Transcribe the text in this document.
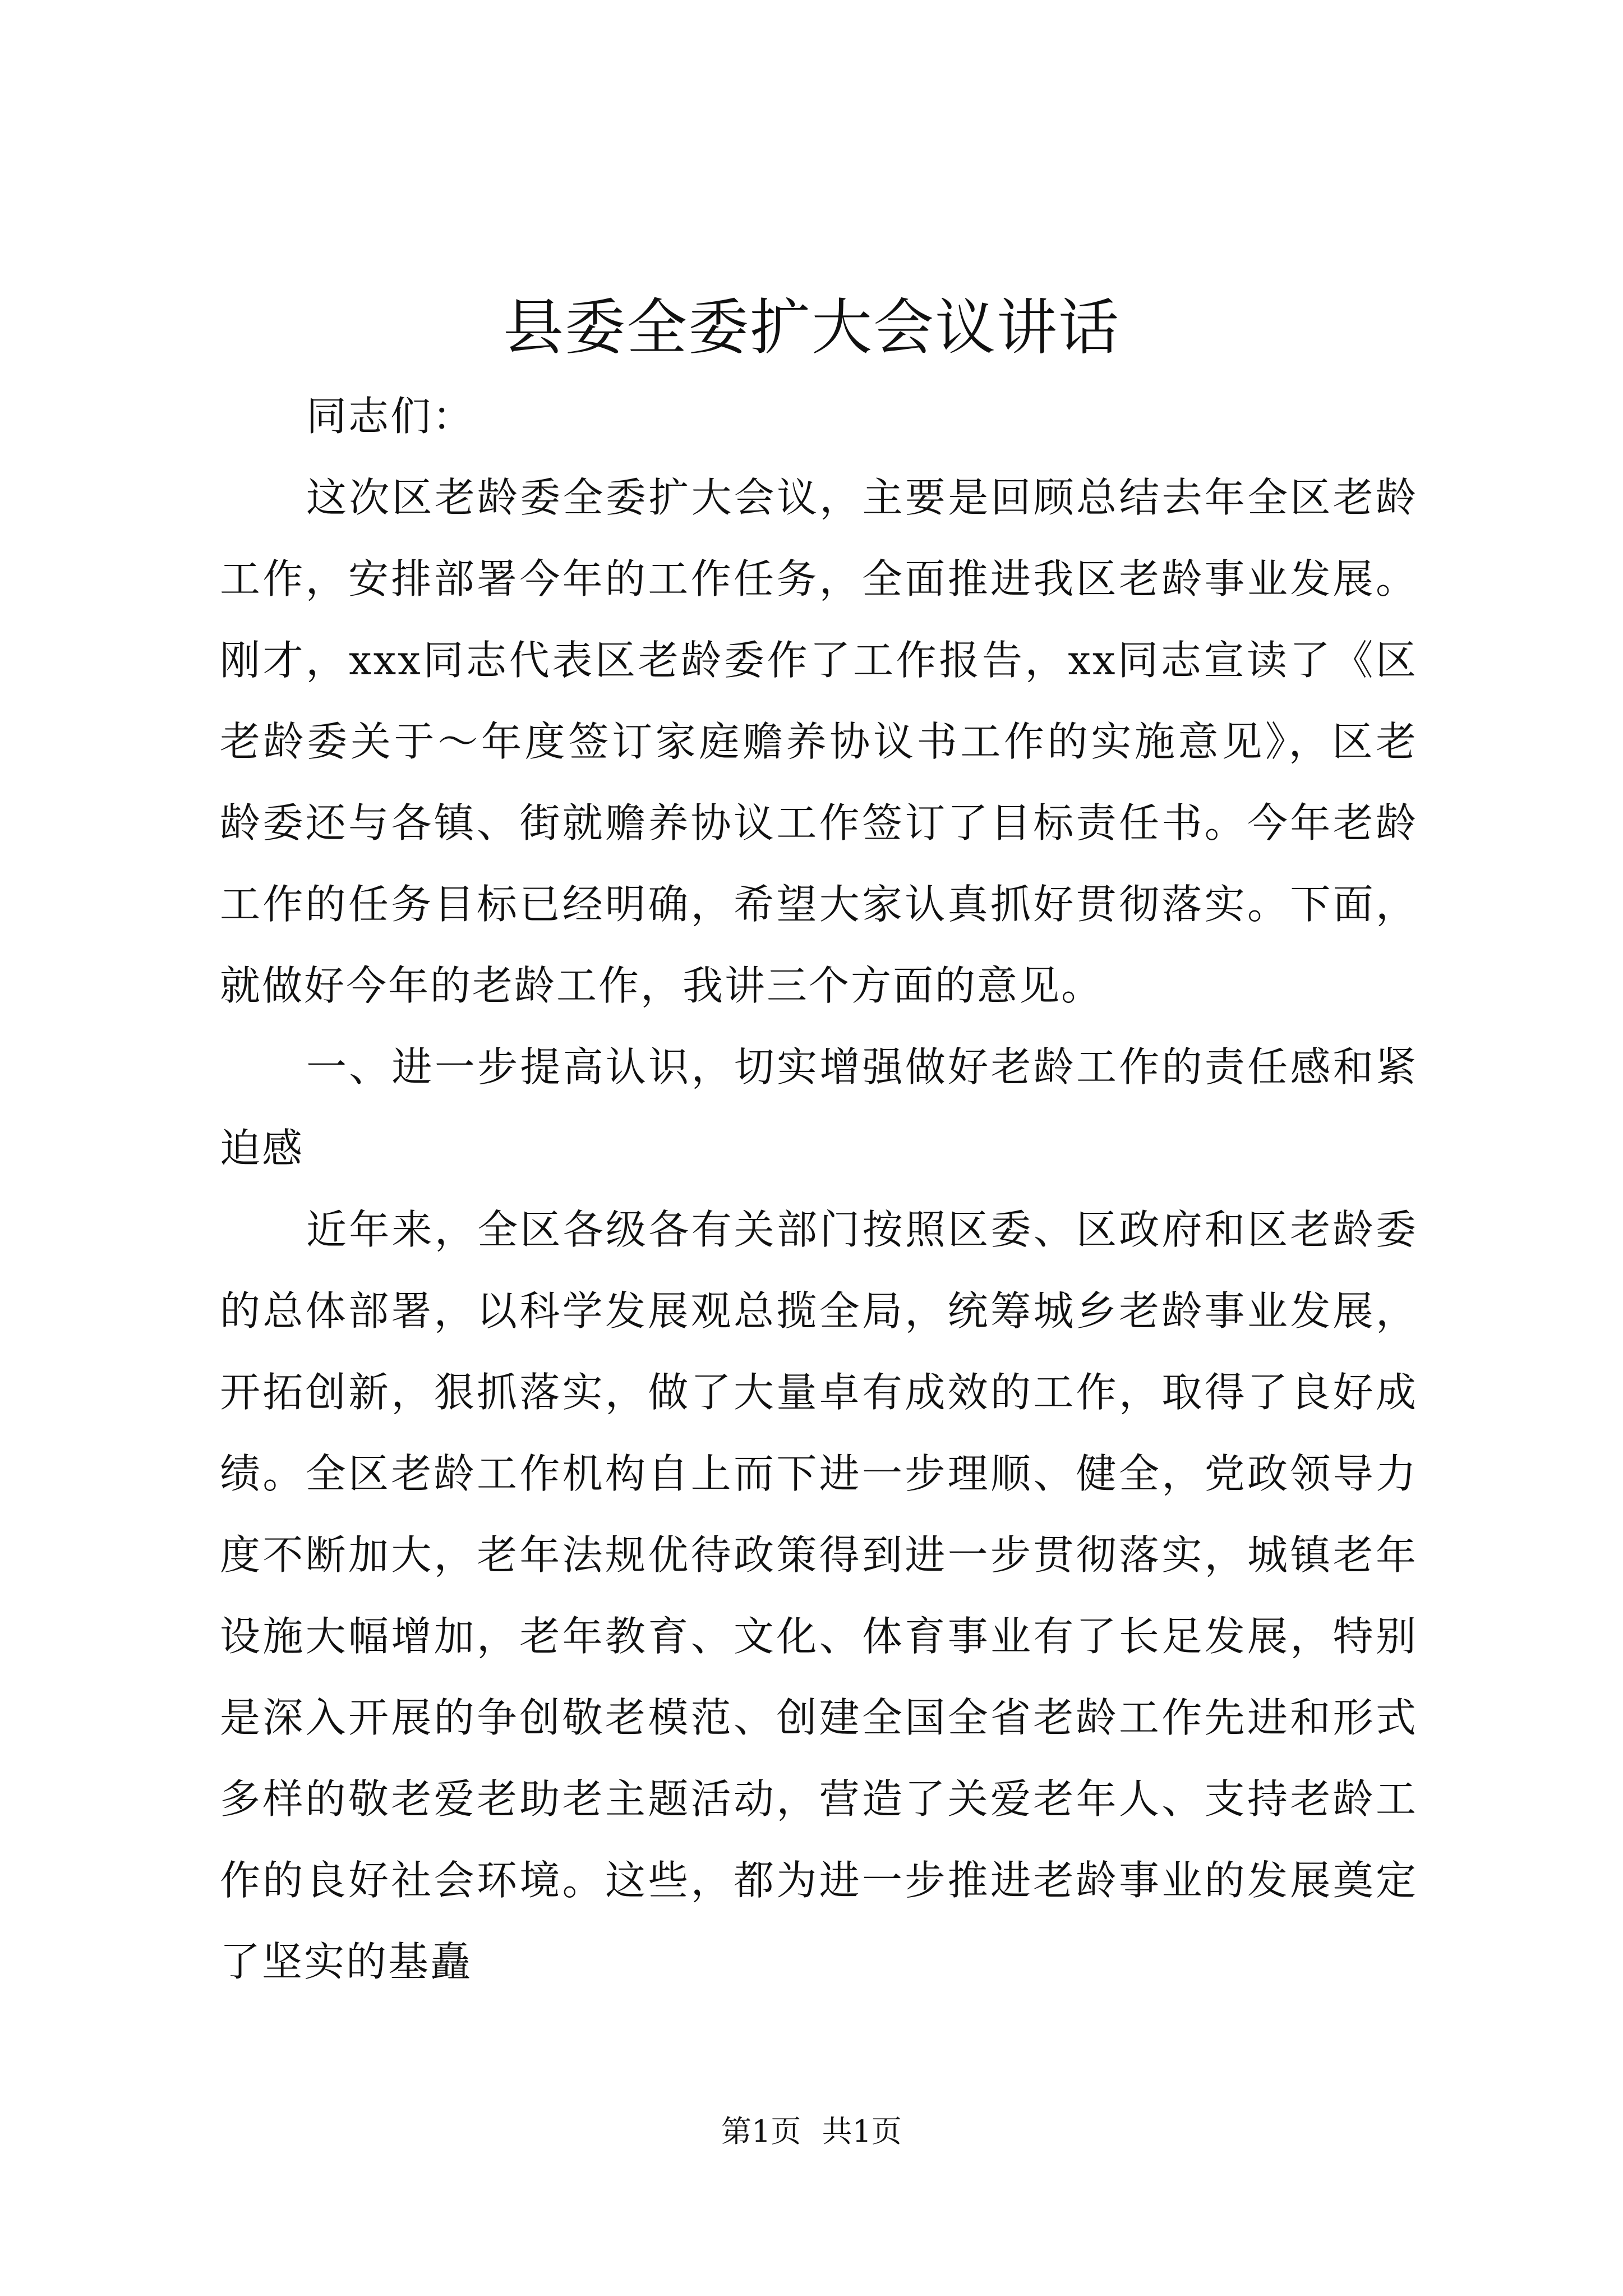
县委全委扩大会议讲话

同志们：

这次区老龄委全委扩大会议，主要是回顾总结去年全区老龄工作，安排部署今年的工作任务，全面推进我区老龄事业发展。刚才，xxx同志代表区老龄委作了工作报告，xx同志宣读了《区老龄委关于～年度签订家庭赡养协议书工作的实施意见》，区老龄委还与各镇、街就赡养协议工作签订了目标责任书。今年老龄工作的任务目标已经明确，希望大家认真抓好贯彻落实。下面，就做好今年的老龄工作，我讲三个方面的意见。

一、进一步提高认识，切实增强做好老龄工作的责任感和紧迫感

近年来，全区各级各有关部门按照区委、区政府和区老龄委的总体部署，以科学发展观总揽全局，统筹城乡老龄事业发展，开拓创新，狠抓落实，做了大量卓有成效的工作，取得了良好成绩。全区老龄工作机构自上而下进一步理顺、健全，党政领导力度不断加大，老年法规优待政策得到进一步贯彻落实，城镇老年设施大幅增加，老年教育、文化、体育事业有了长足发展，特别是深入开展的争创敬老模范、创建全国全省老龄工作先进和形式多样的敬老爱老助老主题活动，营造了关爱老年人、支持老龄工作的良好社会环境。这些，都为进一步推进老龄事业的发展奠定了坚实的基矗

第1页 共1页
